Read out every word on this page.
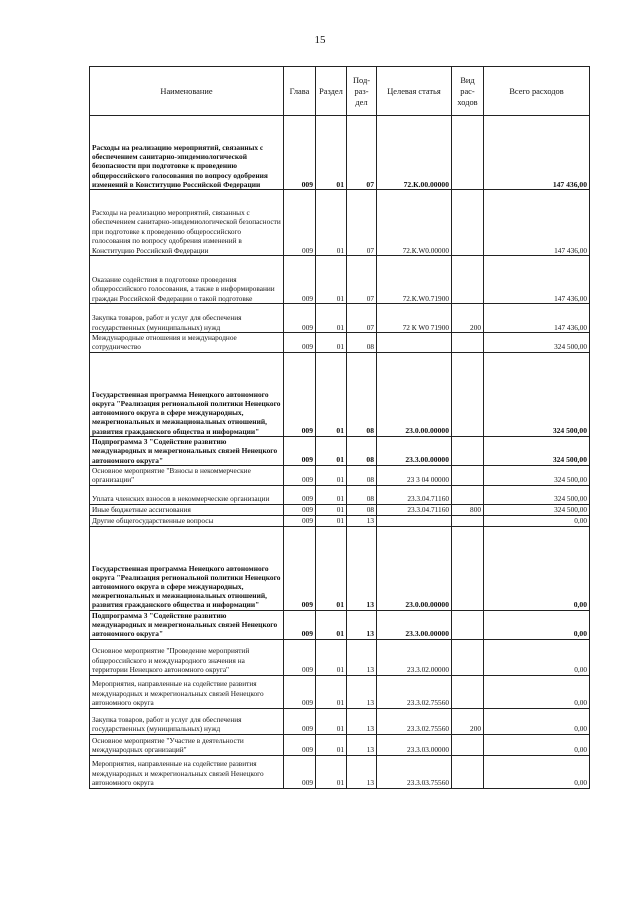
15
Наименование	Глава	Раздел	Под-раз-дел	Целевая статья	Вид рас-ходов	Всего расходов
Расходы на реализацию мероприятий, связанных с обеспечением санитарно-эпидемиологической безопасности при подготовке к проведению общероссийского голосования по вопросу одобрения изменений в Конституцию Российской Федерации	009	01	07	72.К.00.00000		147 436,00
Расходы на реализацию мероприятий, связанных с обеспечением санитарно-эпидемиологической безопасности при подготовке к проведению общероссийского голосования по вопросу одобрения изменений в Конституцию Российской Федерации	009	01	07	72.К.W0.00000		147 436,00
Оказание содействия в подготовке проведения общероссийского голосования, а также в информировании граждан Российской Федерации о такой подготовке	009	01	07	72.К.W0.71900		147 436,00
Закупка товаров, работ и услуг для обеспечения государственных (муниципальных) нужд	009	01	07	72 К W0 71900	200	147 436,00
Международные отношения и международное сотрудничество	009	01	08			324 500,00
Государственная программа Ненецкого автономного округа "Реализация региональной политики Ненецкого автономного округа в сфере международных, межрегиональных и межнациональных отношений, развития гражданского общества и информации"	009	01	08	23.0.00.00000		324 500,00
Подпрограмма 3 "Содействие развитию международных и межрегиональных связей Ненецкого автономного округа"	009	01	08	23.3.00.00000		324 500,00
Основное мероприятие "Взносы в некоммерческие организации"	009	01	08	23 3 04 00000		324 500,00
Уплата членских взносов в некоммерческие организации	009	01	08	23.3.04.71160		324 500,00
Иные бюджетные ассигнования	009	01	08	23.3.04.71160	800	324 500,00
Другие общегосударственные вопросы	009	01	13			0,00
Государственная программа Ненецкого автономного округа "Реализация региональной политики Ненецкого автономного округа в сфере международных, межрегиональных и межнациональных отношений, развития гражданского общества и информации"	009	01	13	23.0.00.00000		0,00
Подпрограмма 3 "Содействие развитию международных и межрегиональных связей Ненецкого автономного округа"	009	01	13	23.3.00.00000		0,00
Основное мероприятие "Проведение мероприятий общероссийского и международного значения на территории Ненецкого автономного округа"	009	01	13	23.3.02.00000		0,00
Мероприятия, направленные на содействие развития международных и межрегиональных связей Ненецкого автономного округа	009	01	13	23.3.02.75560		0,00
Закупка товаров, работ и услуг для обеспечения государственных (муниципальных) нужд	009	01	13	23.3.02.75560	200	0,00
Основное мероприятие "Участие в деятельности международных организаций"	009	01	13	23.3.03.00000		0,00
Мероприятия, направленные на содействие развития международных и межрегиональных связей Ненецкого автономного округа	009	01	13	23.3.03.75560		0,00
